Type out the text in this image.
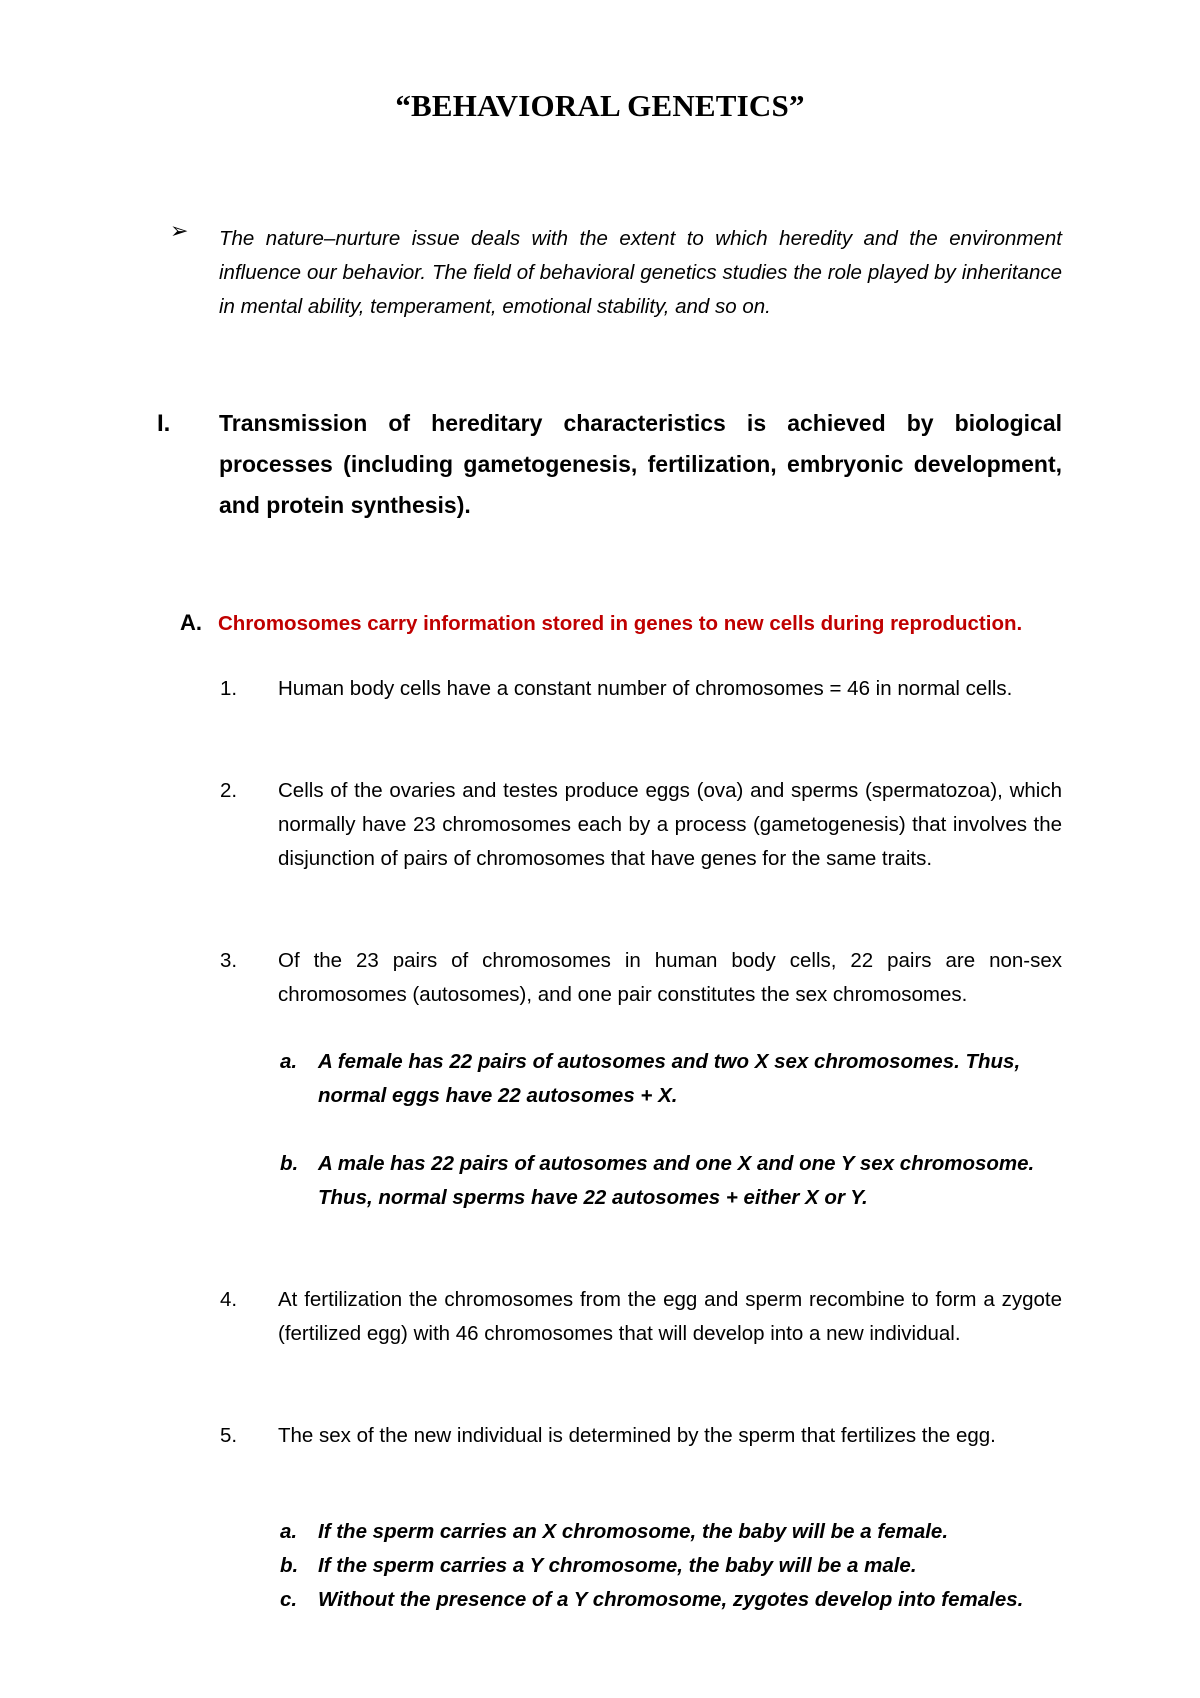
“BEHAVIORAL GENETICS”
➢	The nature–nurture issue deals with the extent to which heredity and the environment influence our behavior. The field of behavioral genetics studies the role played by inheritance in mental ability, temperament, emotional stability, and so on.

I. Transmission of hereditary characteristics is achieved by biological processes (including gametogenesis, fertilization, embryonic development, and protein synthesis).

A. Chromosomes carry information stored in genes to new cells during reproduction.
1. Human body cells have a constant number of chromosomes = 46 in normal cells.

2. Cells of the ovaries and testes produce eggs (ova) and sperms (spermatozoa), which normally have 23 chromosomes each by a process (gametogenesis) that involves the disjunction of pairs of chromosomes that have genes for the same traits.

3. Of the 23 pairs of chromosomes in human body cells, 22 pairs are non-sex chromosomes (autosomes), and one pair constitutes the sex chromosomes.

a. A female has 22 pairs of autosomes and two X sex chromosomes. Thus, normal eggs have 22 autosomes + X.

b. A male has 22 pairs of autosomes and one X and one Y sex chromosome. Thus, normal sperms have 22 autosomes + either X or Y.

4. At fertilization the chromosomes from the egg and sperm recombine to form a zygote (fertilized egg) with 46 chromosomes that will develop into a new individual.

5. The sex of the new individual is determined by the sperm that fertilizes the egg.

a. If the sperm carries an X chromosome, the baby will be a female.

b. If the sperm carries a Y chromosome, the baby will be a male.

c. Without the presence of a Y chromosome, zygotes develop into females.
